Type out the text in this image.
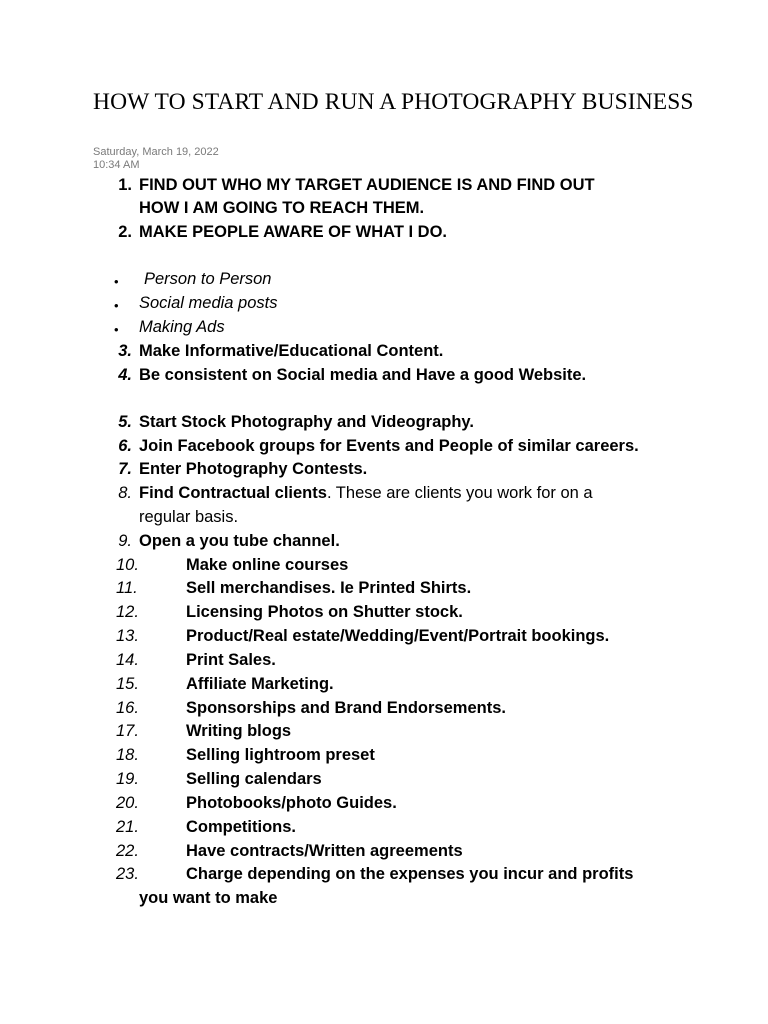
HOW TO START AND RUN A PHOTOGRAPHY BUSINESS
Saturday, March 19, 2022
10:34 AM
1. FIND OUT WHO MY TARGET AUDIENCE IS AND FIND OUT
HOW I AM GOING TO REACH THEM.
2. MAKE PEOPLE AWARE OF WHAT I DO.
• Person to Person
• Social media posts
• Making Ads
3. Make Informative/Educational Content.
4. Be consistent on Social media and Have a good Website.
5. Start Stock Photography and Videography.
6. Join Facebook groups for Events and People of similar careers.
7. Enter Photography Contests.
8. Find Contractual clients. These are clients you work for on a
regular basis.
9. Open a you tube channel.
10.	Make online courses
11.	Sell merchandises. Ie Printed Shirts.
12.	Licensing Photos on Shutter stock.
13.	Product/Real estate/Wedding/Event/Portrait bookings.
14.	Print Sales.
15.	Affiliate Marketing.
16.	Sponsorships and Brand Endorsements.
17.	Writing blogs
18.	Selling lightroom preset
19.	Selling calendars
20.	Photobooks/photo Guides.
21.	Competitions.
22.	Have contracts/Written agreements
23.	Charge depending on the expenses you incur and profits
you want to make
